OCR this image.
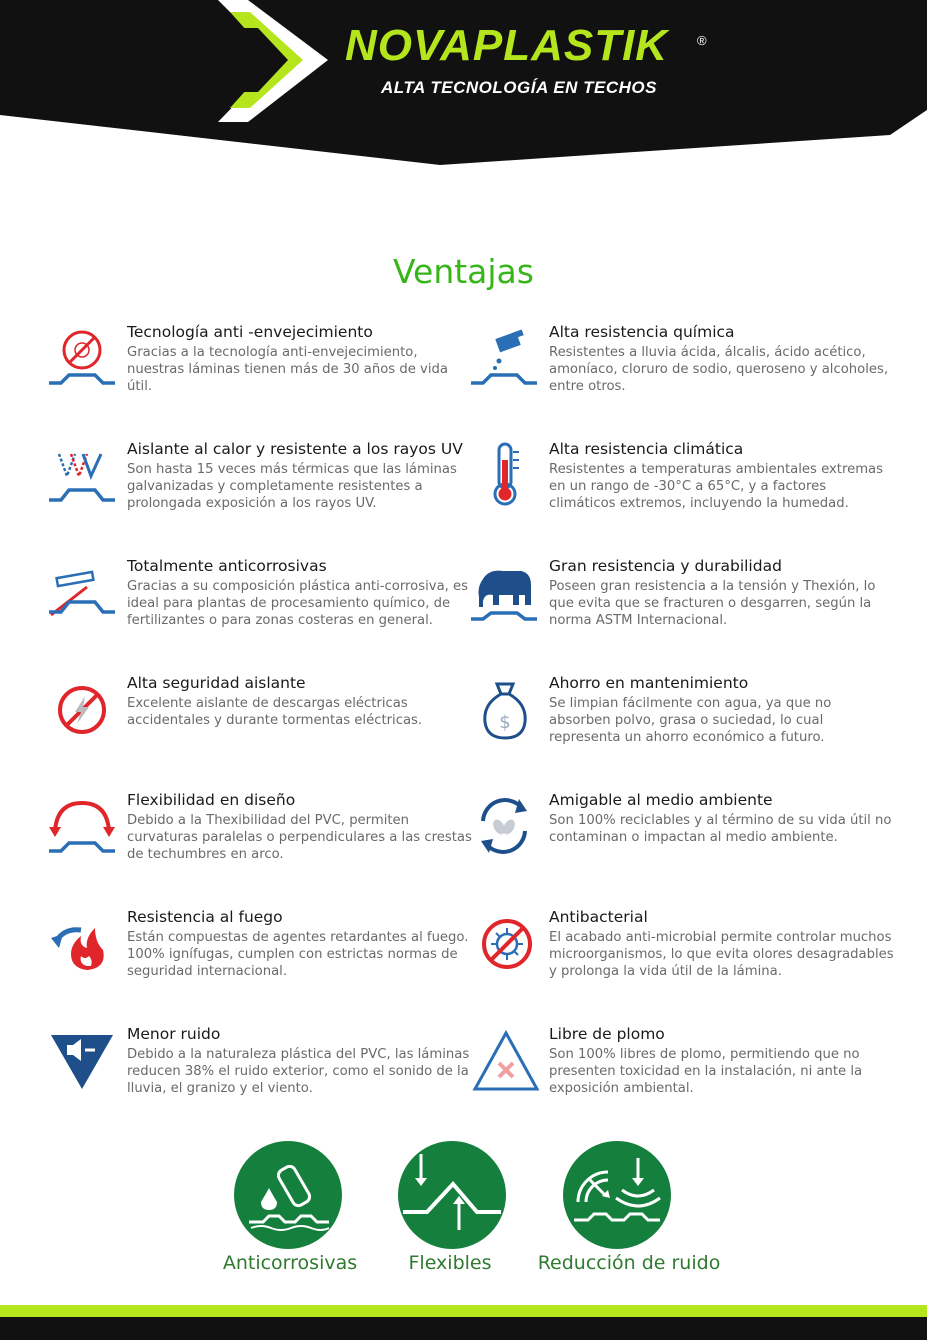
NOVAPLASTIK ®
ALTA TECNOLOGÍA EN TECHOS
Ventajas
Tecnología anti -envejecimiento
Gracias a la tecnología anti-envejecimiento, nuestras láminas tienen más de 30 años de vida útil.
Alta resistencia química
Resistentes a lluvia ácida, álcalis, ácido acético, amoníaco, cloruro de sodio, queroseno y alcoholes, entre otros.
Aislante al calor y resistente a los rayos UV
Son hasta 15 veces más térmicas que las láminas galvanizadas y completamente resistentes a prolongada exposición a los rayos UV.
Alta resistencia climática
Resistentes a temperaturas ambientales extremas en un rango de -30°C a 65°C, y a factores climáticos extremos, incluyendo la humedad.
Totalmente anticorrosivas
Gracias a su composición plástica anti-corrosiva, es ideal para plantas de procesamiento químico, de fertilizantes o para zonas costeras en general.
Gran resistencia y durabilidad
Poseen gran resistencia a la tensión y Thexión, lo que evita que se fracturen o desgarren, según la norma ASTM Internacional.
Alta seguridad aislante
Excelente aislante de descargas eléctricas accidentales y durante tormentas eléctricas.	$
Ahorro en mantenimiento
Se limpian fácilmente con agua, ya que no absorben polvo, grasa o suciedad, lo cual representa un ahorro económico a futuro.
Flexibilidad en diseño
Debido a la Thexibilidad del PVC, permiten curvaturas paralelas o perpendiculares a las crestas de techumbres en arco.
Amigable al medio ambiente
Son 100% reciclables y al término de su vida útil no contaminan o impactan al medio ambiente.
Resistencia al fuego
Están compuestas de agentes retardantes al fuego. 100% ignífugas, cumplen con estrictas normas de seguridad internacional.
Antibacterial
El acabado anti-microbial permite controlar muchos microorganismos, lo que evita olores desagradables y prolonga la vida útil de la lámina.
Menor ruido
Debido a la naturaleza plástica del PVC, las láminas reducen 38% el ruido exterior, como el sonido de la lluvia, el granizo y el viento.
Libre de plomo
Son 100% libres de plomo, permitiendo que no presenten toxicidad en la instalación, ni ante la exposición ambiental.
Anticorrosivas	Flexibles	Reducción de ruido
